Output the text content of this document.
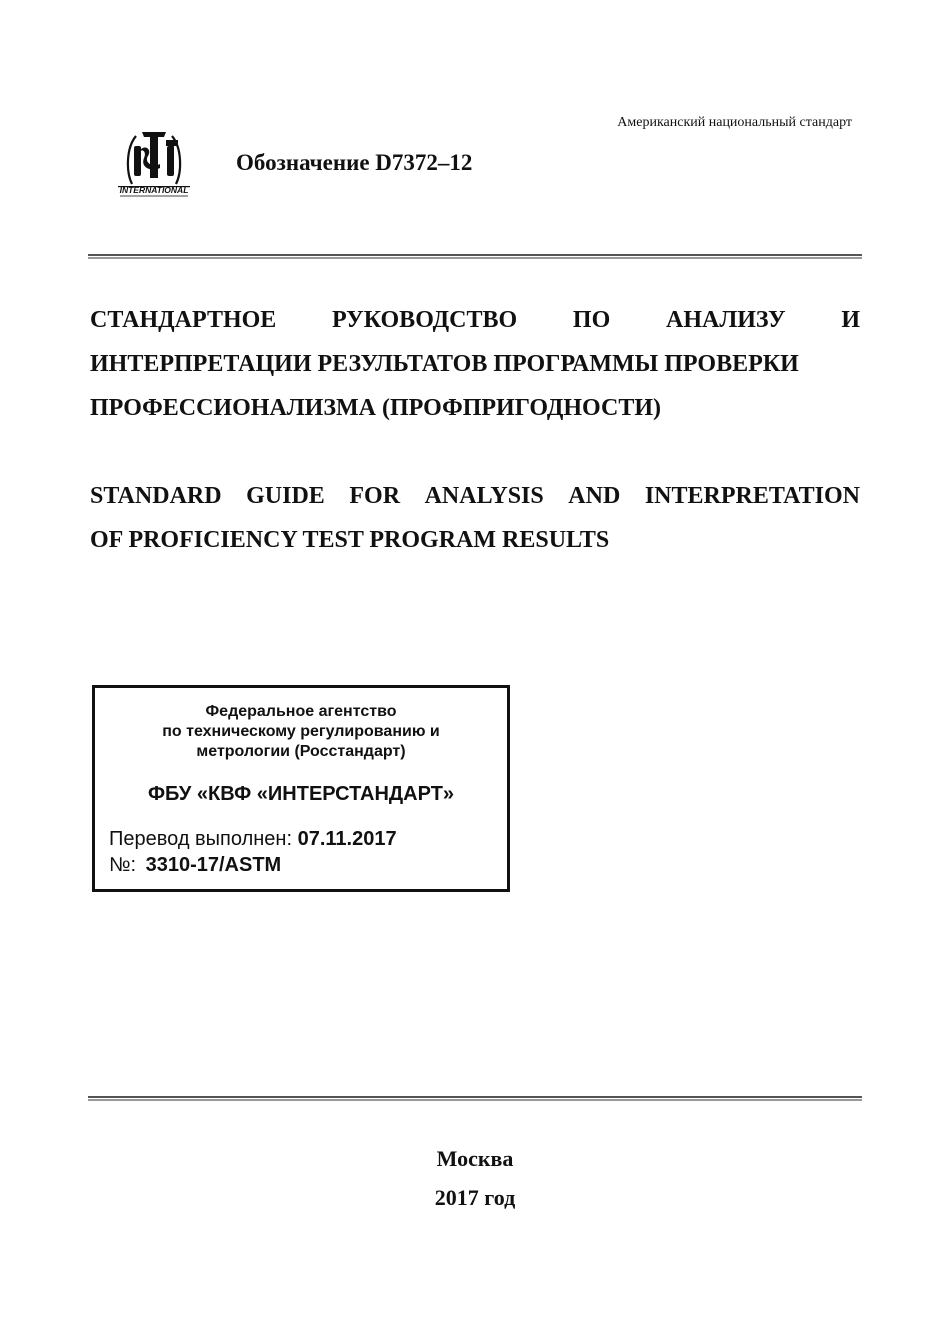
Американский национальный стандарт
INTERNATIONAL
Обозначение D7372–12
СТАНДАРТНОЕ РУКОВОДСТВО ПО АНАЛИЗУ И
ИНТЕРПРЕТАЦИИ РЕЗУЛЬТАТОВ ПРОГРАММЫ ПРОВЕРКИ
ПРОФЕССИОНАЛИЗМА (ПРОФПРИГОДНОСТИ)
STANDARD GUIDE FOR ANALYSIS AND INTERPRETATION
OF PROFICIENCY TEST PROGRAM RESULTS
Федеральное агентство
по техническому регулированию и
метрологии (Росстандарт)
ФБУ «КВФ «ИНТЕРСТАНДАРТ»
Перевод выполнен: 07.11.2017
№: 3310-17/ASTM
Москва
2017 год
